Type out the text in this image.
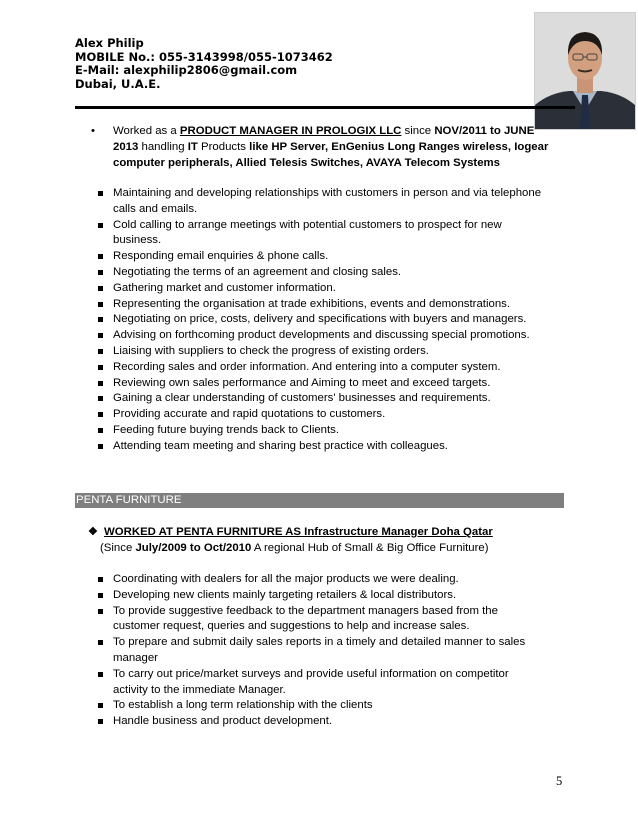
Alex Philip
MOBILE No.: 055-3143998/055-1073462
E-Mail: alexphilip2806@gmail.com
Dubai, U.A.E.
•	Worked as a PRODUCT MANAGER IN PROLOGIX LLC since NOV/2011 to JUNE 2013 handling IT Products like HP Server, EnGenius Long Ranges wireless, Iogear computer peripherals, Allied Telesis Switches, AVAYA Telecom Systems
Maintaining and developing relationships with customers in person and via telephone calls and emails.
Cold calling to arrange meetings with potential customers to prospect for new business.
Responding email enquiries & phone calls.
Negotiating the terms of an agreement and closing sales.
Gathering market and customer information.
Representing the organisation at trade exhibitions, events and demonstrations.
Negotiating on price, costs, delivery and specifications with buyers and managers.
Advising on forthcoming product developments and discussing special promotions.
Liaising with suppliers to check the progress of existing orders.
Recording sales and order information. And entering into a computer system.
Reviewing own sales performance and Aiming to meet and exceed targets.
Gaining a clear understanding of customers' businesses and requirements.
Providing accurate and rapid quotations to customers.
Feeding future buying trends back to Clients.
Attending team meeting and sharing best practice with colleagues.
PENTA FURNITURE
❖ WORKED AT PENTA FURNITURE AS Infrastructure Manager Doha Qatar
(Since July/2009 to Oct/2010 A regional Hub of Small & Big Office Furniture)
Coordinating with dealers for all the major products we were dealing.
Developing new clients mainly targeting retailers & local distributors.
To provide suggestive feedback to the department managers based from the customer request, queries and suggestions to help and increase sales.
To prepare and submit daily sales reports in a timely and detailed manner to sales manager
To carry out price/market surveys and provide useful information on competitor activity to the immediate Manager.
To establish a long term relationship with the clients
Handle business and product development.
5
